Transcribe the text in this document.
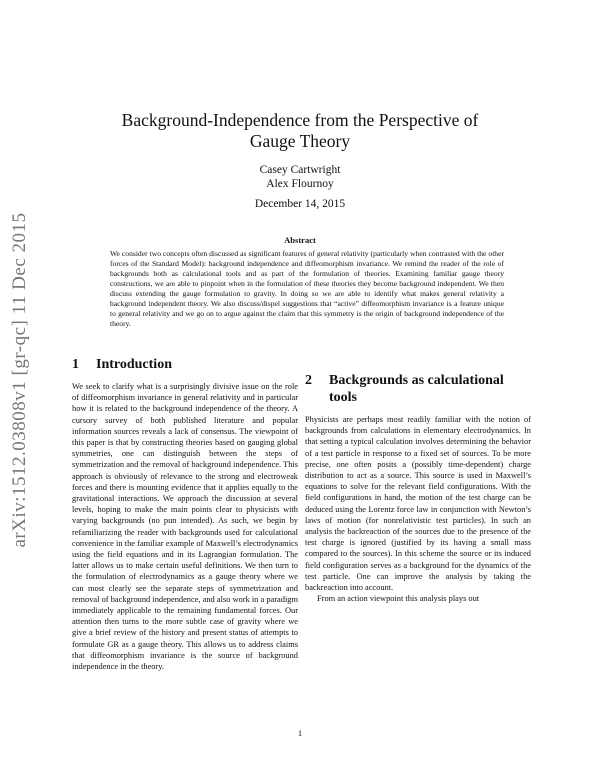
arXiv:1512.03808v1 [gr-qc] 11 Dec 2015
Background-Independence from the Perspective of Gauge Theory
Casey Cartwright
Alex Flournoy
December 14, 2015
Abstract
We consider two concepts often discussed as significant features of general relativity (particularly when contrasted with the other forces of the Standard Model): background independence and diffeomorphism invariance. We remind the reader of the role of backgrounds both as calculational tools and as part of the formulation of theories. Examining familiar gauge theory constructions, we are able to pinpoint when in the formulation of these theories they become background independent. We then discuss extending the gauge formulation to gravity. In doing so we are able to identify what makes general relativity a background independent theory. We also discuss/dispel suggestions that “active” diffeomorphism invariance is a feature unique to general relativity and we go on to argue against the claim that this symmetry is the origin of background independence of the theory.
1	Introduction

We seek to clarify what is a surprisingly divisive issue on the role of diffeomorphism invariance in general relativity and in particular how it is related to the background independence of the theory. A cursory survey of both published literature and popular information sources reveals a lack of consensus. The viewpoint of this paper is that by constructing theories based on gauging global symmetries, one can distinguish between the steps of symmetrization and the removal of background independence. This approach is obviously of relevance to the strong and electroweak forces and there is mounting evidence that it applies equally to the gravitational interactions. We approach the discussion at several levels, hoping to make the main points clear to physicists with varying backgrounds (no pun intended). As such, we begin by refamiliarizing the reader with backgrounds used for calculational convenience in the familiar example of Maxwell’s electrodynamics using the field equations and in its Lagrangian formulation. The latter allows us to make certain useful definitions. We then turn to the formulation of electrodynamics as a gauge theory where we can most clearly see the separate steps of symmetrization and removal of background independence, and also work in a paradigm immediately applicable to the remaining fundamental forces. Our attention then turns to the more subtle case of gravity where we give a brief review of the history and present status of attempts to formulate GR as a gauge theory. This allows us to address claims that diffeomorphism invariance is the source of background independence in the theory.

2	Backgrounds as calculational tools

Physicists are perhaps most readily familiar with the notion of backgrounds from calculations in elementary electrodynamics. In that setting a typical calculation involves determining the behavior of a test particle in response to a fixed set of sources. To be more precise, one often posits a (possibly time-dependent) charge distribution to act as a source. This source is used in Maxwell’s equations to solve for the relevant field configurations. With the field configurations in hand, the motion of the test charge can be deduced using the Lorentz force law in conjunction with Newton’s laws of motion (for nonrelativistic test particles). In such an analysis the backreaction of the sources due to the presence of the test charge is ignored (justified by its having a small mass compared to the sources). In this scheme the source or its induced field configuration serves as a background for the dynamics of the test particle. One can improve the analysis by taking the backreaction into account.

From an action viewpoint this analysis plays out

1
